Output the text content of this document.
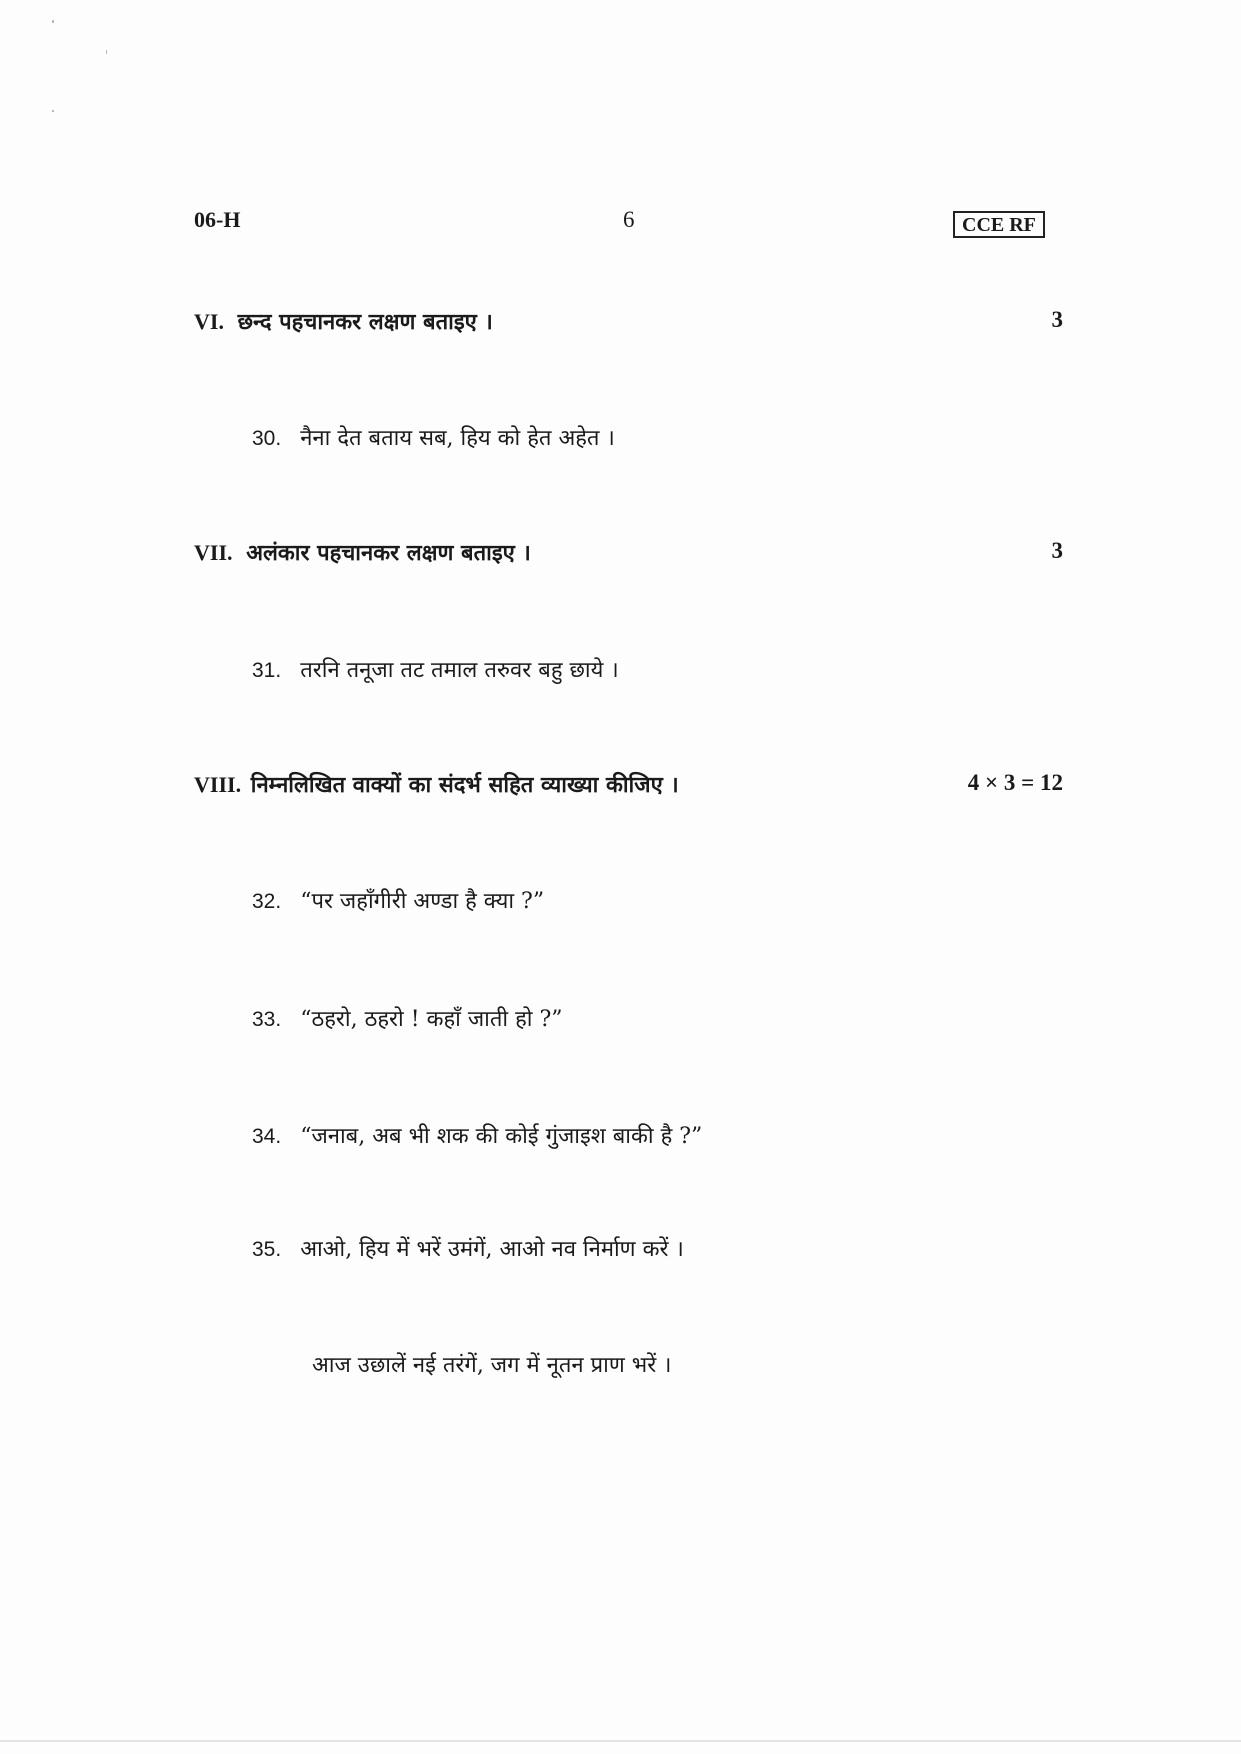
06-H	6	CCE RF
VI. छन्द पहचानकर लक्षण बताइए ।	3
30. नैना देत बताय सब, हिय को हेत अहेत ।
VII. अलंकार पहचानकर लक्षण बताइए ।	3
31. तरनि तनूजा तट तमाल तरुवर बहु छाये ।
VIII. निम्नलिखित वाक्यों का संदर्भ सहित व्याख्या कीजिए ।	4 × 3 = 12
32. “पर जहाँगीरी अण्डा है क्या ?”
33. “ठहरो, ठहरो ! कहाँ जाती हो ?”
34. “जनाब, अब भी शक की कोई गुंजाइश बाकी है ?”
35. आओ, हिय में भरें उमंगें, आओ नव निर्माण करें ।
आज उछालें नई तरंगें, जग में नूतन प्राण भरें ।
